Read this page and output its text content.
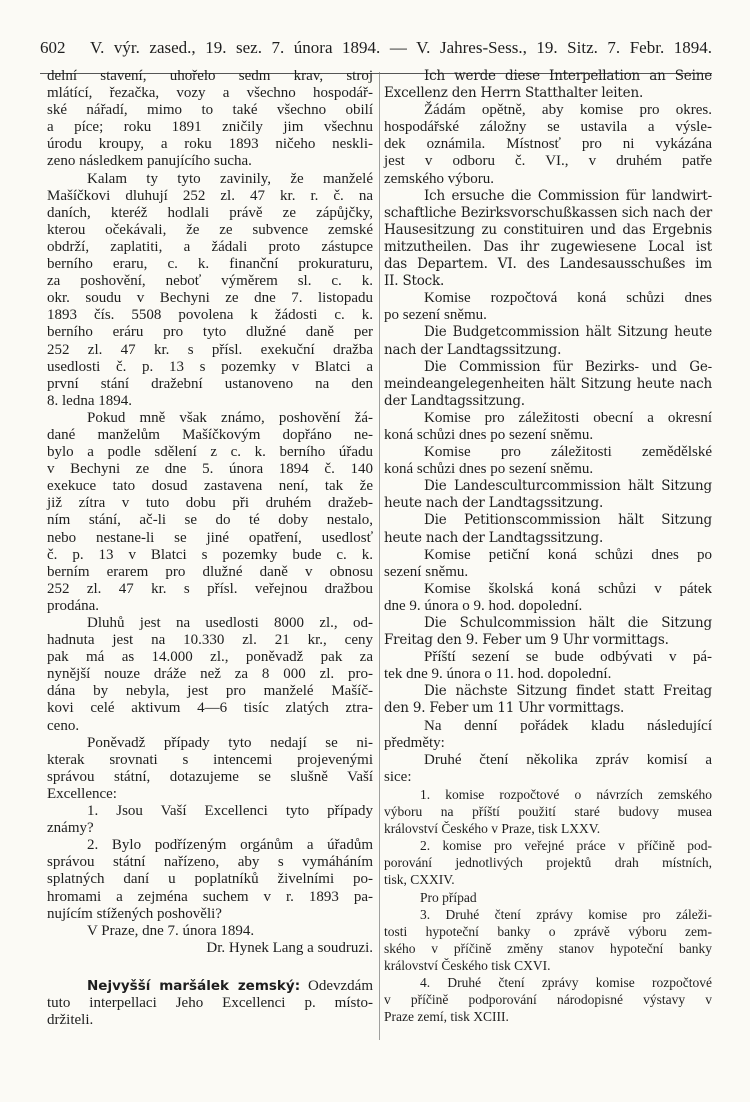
602	V. výr. zased., 19. sez. 7. února 1894. — V. Jahres-Sess., 19. Sitz. 7. Febr. 1894.
delní stavení, uhořelo sedm krav, stroj
mlátící, řezačka, vozy a všechno hospodář-
ské nářadí, mimo to také všechno obilí
a píce; roku 1891 zničily jim všechnu
úrodu kroupy, a roku 1893 ničeho neskli-
zeno následkem panujícího sucha.
Kalam ty tyto zavinily, že manželé
Mašíčkovi dluhují 252 zl. 47 kr. r. č. na
daních, kteréž hodlali právě ze zápůjčky,
kterou očekávali, že ze subvence zemské
obdrží, zaplatiti, a žádali proto zástupce
berního eraru, c. k. finanční prokuraturu,
za poshovění, neboť výměrem sl. c. k.
okr. soudu v Bechyni ze dne 7. listopadu
1893 čís. 5508 povolena k žádosti c. k.
berního eráru pro tyto dlužné daně per
252 zl. 47 kr. s přísl. exekuční dražba
usedlosti č. p. 13 s pozemky v Blatci a
první stání dražební ustanoveno na den
8. ledna 1894.
Pokud mně však známo, poshovění žá-
dané manželům Mašíčkovým dopřáno ne-
bylo a podle sdělení z c. k. berního úřadu
v Bechyni ze dne 5. února 1894 č. 140
exekuce tato dosud zastavena není, tak že
již zítra v tuto dobu při druhém dražeb-
ním stání, ač-li se do té doby nestalo,
nebo nestane-li se jiné opatření, usedlosť
č. p. 13 v Blatci s pozemky bude c. k.
berním erarem pro dlužné daně v obnosu
252 zl. 47 kr. s přísl. veřejnou dražbou
prodána.
Dluhů jest na usedlosti 8000 zl., od-
hadnuta jest na 10.330 zl. 21 kr., ceny
pak má as 14.000 zl., poněvadž pak za
nynější nouze dráže než za 8 000 zl. pro-
dána by nebyla, jest pro manželé Mašíč-
kovi celé aktivum 4—6 tisíc zlatých ztra-
ceno.
Poněvadž případy tyto nedají se ni-
kterak srovnati s intencemi projevenými
správou státní, dotazujeme se slušně Vaší
Excellence:
1. Jsou Vaší Excellenci tyto případy
známy?
2. Bylo podřízeným orgánům a úřadům
správou státní nařízeno, aby s vymáháním
splatných daní u poplatníků živelními po-
hromami a zejména suchem v r. 1893 pa-
nujícím stížených poshověli?
V Praze, dne 7. února 1894.
Dr. Hynek Lang a soudruzi.
Nejvyšší maršálek zemský: Odevzdám
tuto interpellaci Jeho Excellenci p. místo-
držiteli.
Ich werde diese Interpellation an Seine
Excellenz den Herrn Statthalter leiten.
Žádám opětně, aby komise pro okres.
hospodářské záložny se ustavila a výsle-
dek oznámila. Místnosť pro ni vykázána
jest v odboru č. VI., v druhém patře
zemského výboru.
Ich ersuche die Commission für landwirt-
schaftliche Bezirksvorschußkassen sich nach der
Hausesitzung zu constituiren und das Ergebnis
mitzutheilen. Das ihr zugewiesene Local ist
das Departem. VI. des Landesausschußes im
II. Stock.
Komise rozpočtová koná schůzi dnes
po sezení sněmu.
Die Budgetcommission hält Sitzung heute
nach der Landtagssitzung.
Die Commission für Bezirks- und Ge-
meindeangelegenheiten hält Sitzung heute nach
der Landtagssitzung.
Komise pro záležitosti obecní a okresní
koná schůzi dnes po sezení sněmu.
Komise pro záležitosti zemědělské
koná schůzi dnes po sezení sněmu.
Die Landesculturcommission hält Sitzung
heute nach der Landtagssitzung.
Die Petitionscommission hält Sitzung
heute nach der Landtagssitzung.
Komise petiční koná schůzi dnes po
sezení sněmu.
Komise školská koná schůzi v pátek
dne 9. února o 9. hod. dopolední.
Die Schulcommission hält die Sitzung
Freitag den 9. Feber um 9 Uhr vormittags.
Příští sezení se bude odbývati v pá-
tek dne 9. února o 11. hod. dopolední.
Die nächste Sitzung findet statt Freitag
den 9. Feber um 11 Uhr vormittags.
Na denní pořádek kladu následující
předměty:
Druhé čtení několika zpráv komisí a
sice:
1. komise rozpočtové o návrzích zemského
výboru na příští použití staré budovy musea
království Českého v Praze, tisk LXXV.
2. komise pro veřejné práce v příčině pod-
porování jednotlivých projektů drah místních,
tisk, CXXIV.
Pro případ
3. Druhé čtení zprávy komise pro záleži-
tosti hypoteční banky o zprávě výboru zem-
ského v příčině změny stanov hypoteční banky
království Českého tisk CXVI.
4. Druhé čtení zprávy komise rozpočtové
v příčině podporování národopisné výstavy v
Praze zemí, tisk XCIII.
